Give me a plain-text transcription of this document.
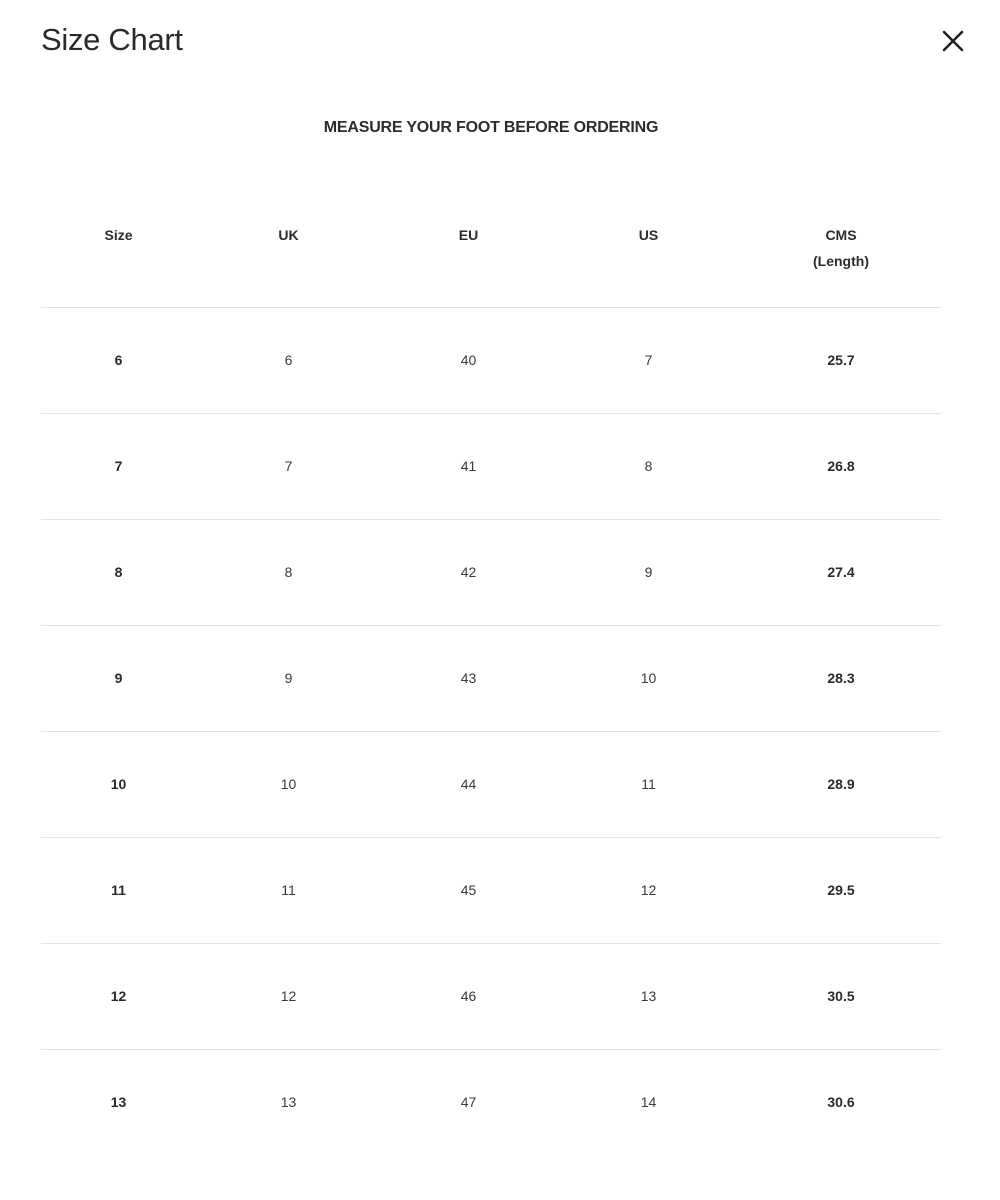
Size Chart
MEASURE YOUR FOOT BEFORE ORDERING
Size	UK	EU	US	CMS
(Length)

6	6	40	7	25.7
7	7	41	8	26.8
8	8	42	9	27.4
9	9	43	10	28.3
10	10	44	11	28.9
11	11	45	12	29.5
12	12	46	13	30.5
13	13	47	14	30.6
